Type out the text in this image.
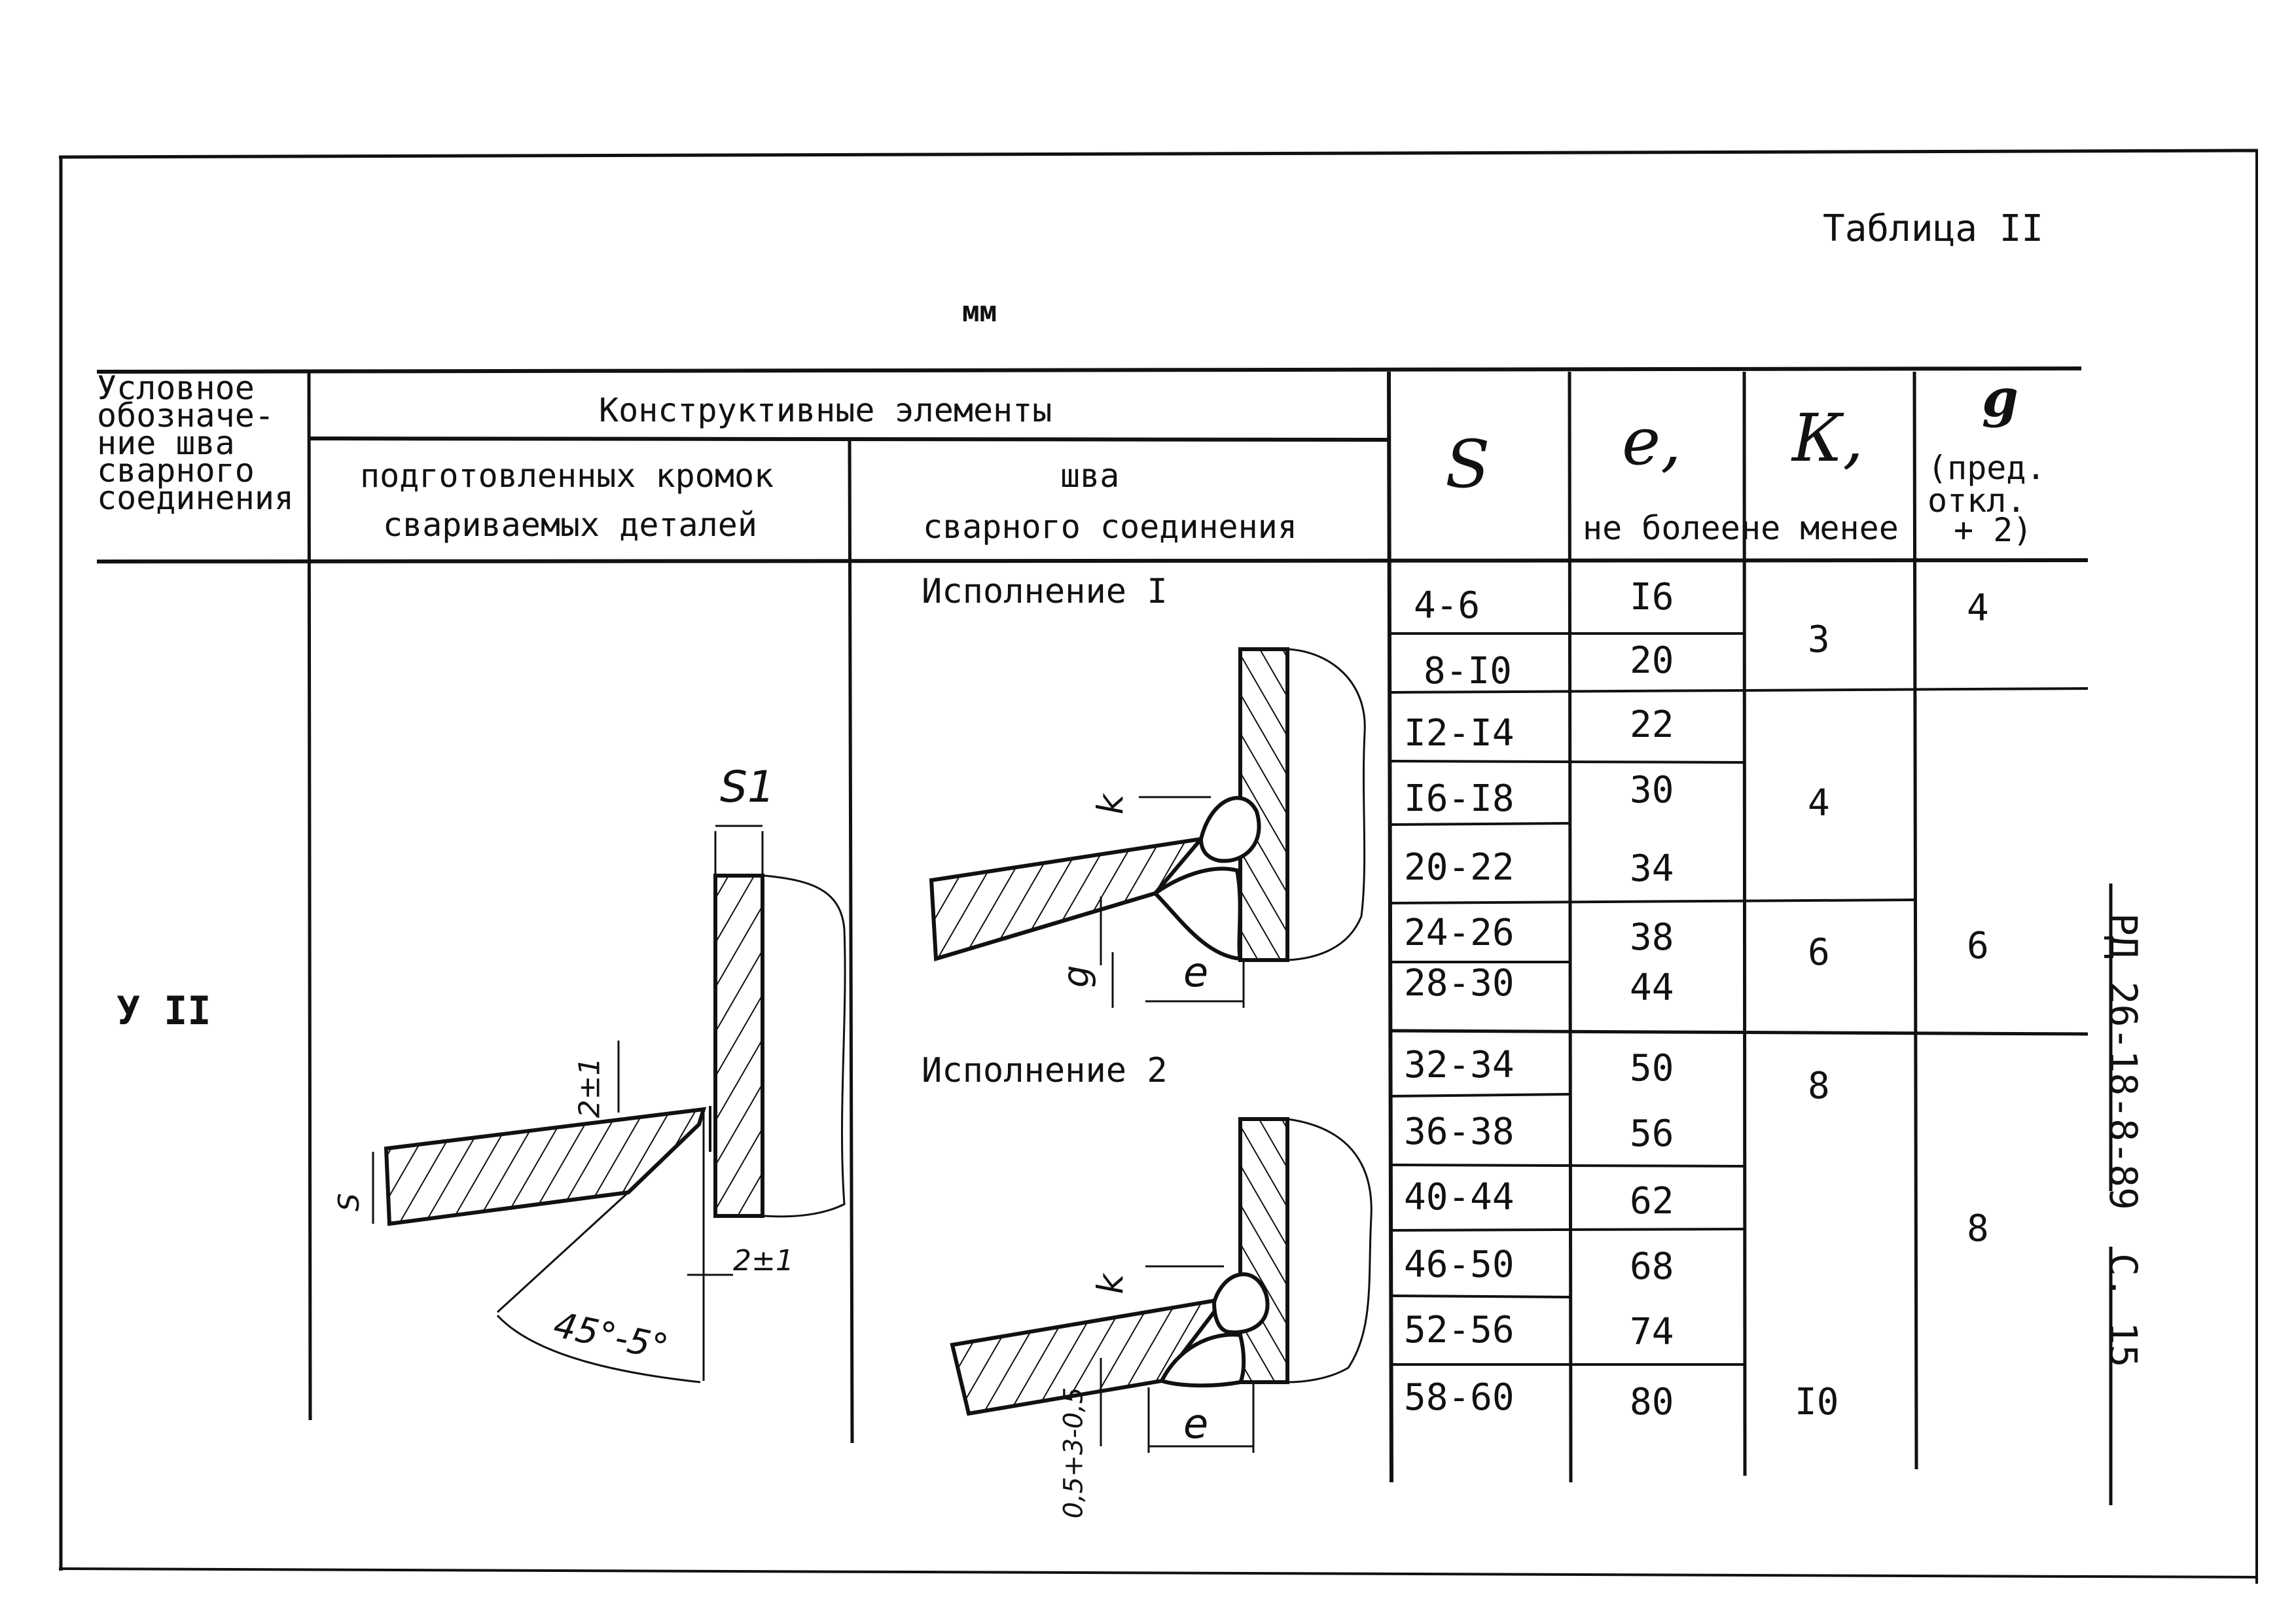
Таблица II
мм
Условное
обозначе-
ние шва
сварного
соединения
Конструктивные элементы
подготовленных кромок
свариваемых деталей
шва
сварного соединения
S е,
не более
К,
не менее
g
(пред.
откл.
+ 2)
У II
Исполнение I
Исполнение 2
S1
S
2±1
2±1
45°-5°
k
g e
k
0,5+3-0,5 e
4-6
8-I0
I2-I4
I6-I8
20-22
24-26
28-30
32-34
36-38
40-44
46-50
52-56
58-60
I6
20
22
30
34
38
44
50
56
62
68
74
80
3
4
6
8
I0
4
6
8
РД 26-18-8-89
С. 15
